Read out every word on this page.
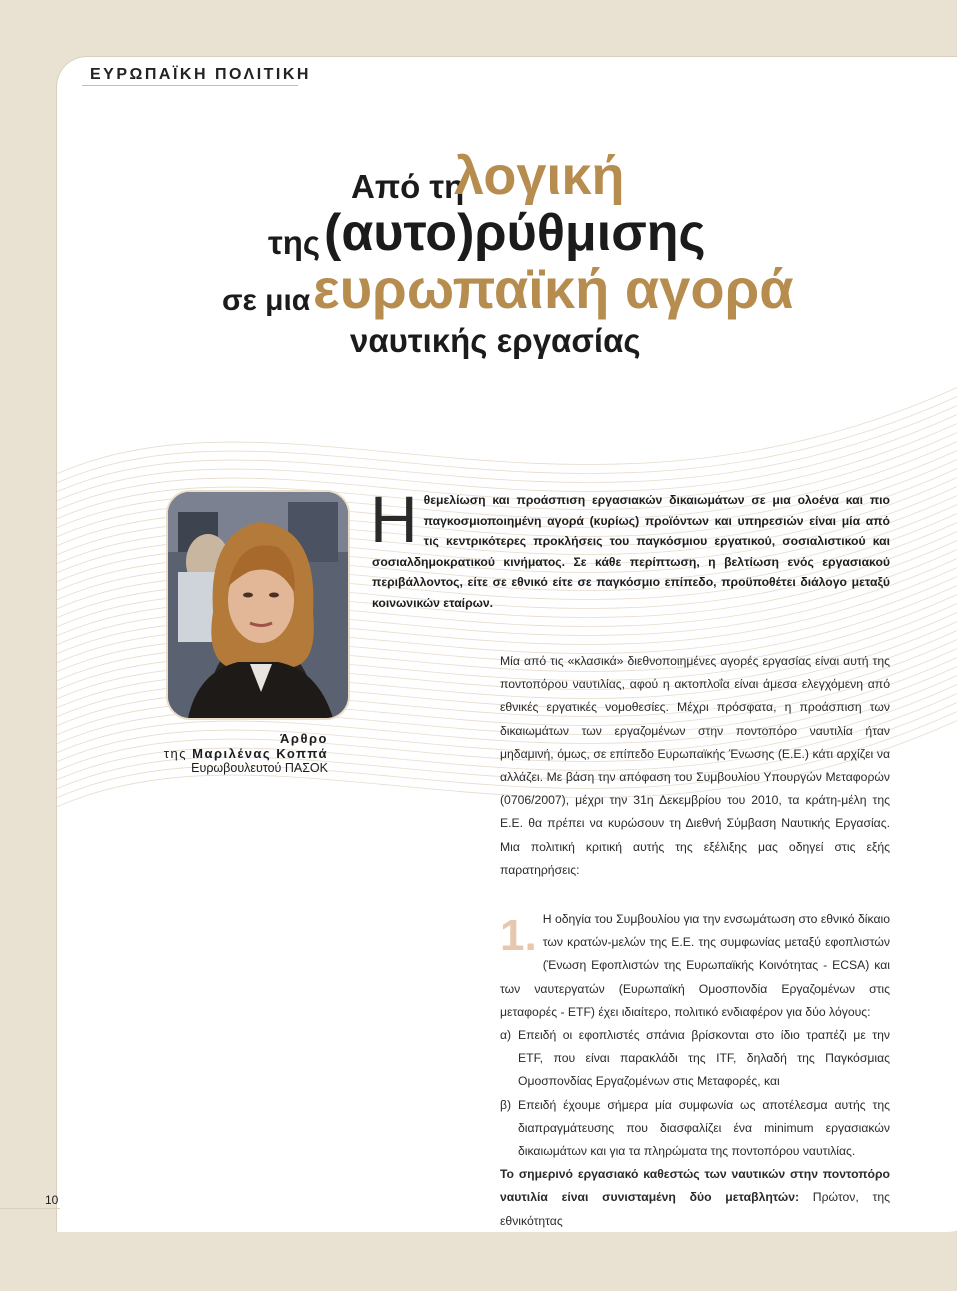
ΕΥΡΩΠΑΪΚΗ ΠΟΛΙΤΙΚΗ
Από τη
λογική
της (αυτο)ρύθμισης
σε μια ευρωπαϊκή αγορά
ναυτικής εργασίας
Άρθρο
της Μαριλένας Κοππά
Ευρωβουλευτού ΠΑΣΟΚ
Ηθεμελίωση και προάσπιση εργασιακών δικαιωμάτων σε μια ολοένα και πιο παγκοσμιοποιημένη αγορά (κυρίως) προϊόντων και υπηρεσιών είναι μία από τις κεντρικότερες προκλήσεις του παγκόσμιου εργατικού, σοσιαλιστικού και σοσιαλδημοκρατικού κινήματος. Σε κάθε περίπτωση, η βελτίωση ενός εργασιακού περιβάλλοντος, είτε σε εθνικό είτε σε παγκόσμιο επίπεδο, προϋποθέτει διάλογο μεταξύ κοινωνικών εταίρων.

Μία από τις «κλασικά» διεθνοποιημένες αγορές εργασίας είναι αυτή της ποντοπόρου ναυτιλίας, αφού η ακτοπλοΐα είναι άμεσα ελεγχόμενη από εθνικές εργατικές νομοθεσίες. Μέχρι πρόσφατα, η προάσπιση των δικαιωμάτων των εργαζομένων στην ποντοπόρο ναυτιλία ήταν μηδαμινή, όμως, σε επίπεδο Ευρωπαϊκής Ένωσης (Ε.Ε.) κάτι αρχίζει να αλλάζει. Με βάση την απόφαση του Συμβουλίου Υπουργών Μεταφορών (0706/2007), μέχρι την 31η Δεκεμβρίου του 2010, τα κράτη-μέλη της Ε.Ε. θα πρέπει να κυρώσουν τη Διεθνή Σύμβαση Ναυτικής Εργασίας. Μια πολιτική κριτική αυτής της εξέλιξης μας οδηγεί στις εξής παρατηρήσεις:

1. Η οδηγία του Συμβουλίου για την ενσωμάτωση στο εθνικό δίκαιο των κρατών-μελών της Ε.Ε. της συμφωνίας μεταξύ εφοπλιστών (Ένωση Εφοπλιστών της Ευρωπαϊκής Κοινότητας - ECSA) και των ναυτεργατών (Ευρωπαϊκή Ομοσπονδία Εργαζομένων στις μεταφορές - ETF) έχει ιδιαίτερο, πολιτικό ενδιαφέρον για δύο λόγους:

α) Επειδή οι εφοπλιστές σπάνια βρίσκονται στο ίδιο τραπέζι με την ETF, που είναι παρακλάδι της ITF, δηλαδή της Παγκόσμιας Ομοσπονδίας Εργαζομένων στις Μεταφορές, και
β) Επειδή έχουμε σήμερα μία συμφωνία ως αποτέλεσμα αυτής της διαπραγμάτευσης που διασφαλίζει ένα minimum εργασιακών δικαιωμάτων και για τα πληρώματα της ποντοπόρου ναυτιλίας.

Το σημερινό εργασιακό καθεστώς των ναυτικών στην ποντοπόρο ναυτιλία είναι συνισταμένη δύο μεταβλητών: Πρώτον, της εθνικότητας

10
